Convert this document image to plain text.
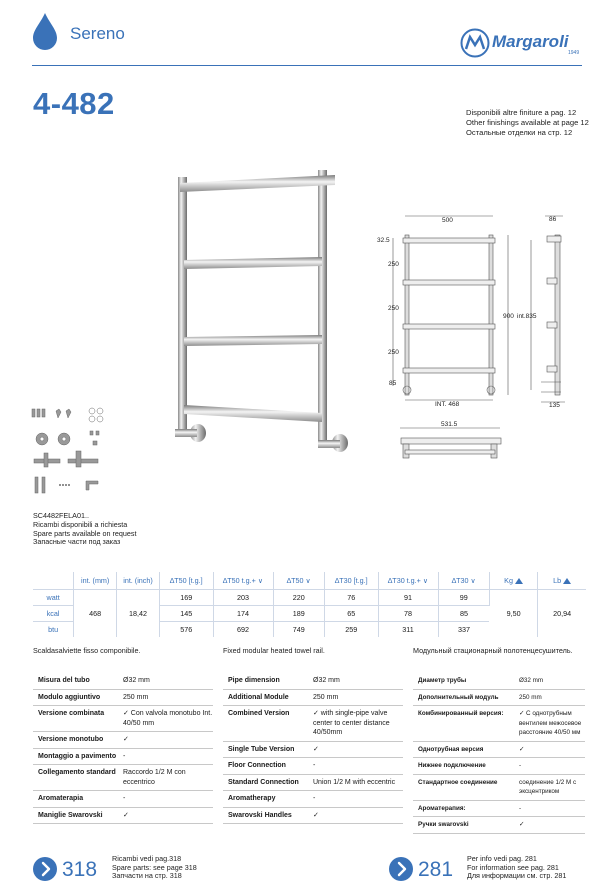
Sereno	Margaroli
1949
4-482	Disponibili altre finiture a pag. 12
Other finishings available at page 12
Остальные отделки на стр. 12
500
32.5
250
250
250
85
INT. 468
86
900 int.835
135
531.5
SC4482FELA01..
Ricambi disponibili a richiesta
Spare parts available on request
Запасные части под заказ
	int. (mm)	int. (inch)	∆T50 [t.g.]	∆T50 t.g.+ ∨	∆T50 ∨	∆T30 [t.g.]	∆T30 t.g.+ ∨	∆T30 ∨	Kg	Lb
watt	468	18,42	169	203	220	76	91	99	9,50	20,94
kcal			145	174	189	65	78	85		
btu			576	692	749	259	311	337		
Scaldasalviette fisso componibile.	Fixed modular heated towel rail.	Модульный стационарный полотенцесушитель.
Misura del tubo	Ø32 mm
Modulo aggiuntivo	250 mm
Versione combinata	✓ Con valvola monotubo Int. 40/50 mm
Versione monotubo	✓
Montaggio a pavimento	-
Collegamento standard	Raccordo 1/2 M con eccentrico
Aromaterapia	-
Maniglie Swarovski	✓
Pipe dimension	Ø32 mm
Additional Module	250 mm
Combined Version	✓ with single-pipe valve center to center distance 40/50mm
Single Tube Version	✓
Floor Connection	-
Standard Connection	Union 1/2 M with eccentric
Aromatherapy	-
Swarovski Handles	✓
Диаметр трубы	Ø32 mm
Дополнительный модуль	250 mm
Комбинированный версия:	✓ С однотрубным вентилем межосевое расстояние 40/50 мм
Однотрубная версия	✓
Нижнее подключение	-
Стандартное соединение	соединение 1/2 M с эксцентриком
Ароматерапия:	-
Ручки swarovski	✓
318 Ricambi vedi pag.318
Spare parts: see page 318
Запчасти на стр. 318	281 Per info vedi pag. 281
For information see pag. 281
Для информации см. стр. 281
